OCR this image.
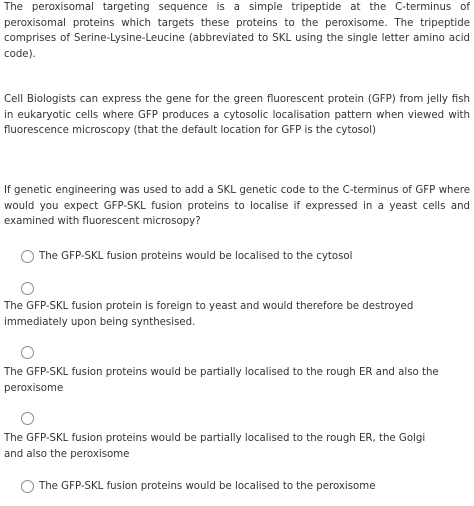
The peroxisomal targeting sequence is a simple tripeptide at the C-terminus of peroxisomal proteins which targets these proteins to the peroxisome. The tripeptide comprises of Serine-Lysine-Leucine (abbreviated to SKL using the single letter amino acid code).
Cell Biologists can express the gene for the green fluorescent protein (GFP) from jelly fish in eukaryotic cells where GFP produces a cytosolic localisation pattern when viewed with fluorescence microscopy (that the default location for GFP is the cytosol)
If genetic engineering was used to add a SKL genetic code to the C-terminus of GFP where would you expect GFP-SKL fusion proteins to localise if expressed in a yeast cells and examined with fluorescent microsopy?
The GFP-SKL fusion proteins would be localised to the cytosol
The GFP-SKL fusion protein is foreign to yeast and would therefore be destroyed immediately upon being synthesised.
The GFP-SKL fusion proteins would be partially localised to the rough ER and also the peroxisome
The GFP-SKL fusion proteins would be partially localised to the rough ER, the Golgi and also the peroxisome
The GFP-SKL fusion proteins would be localised to the peroxisome
